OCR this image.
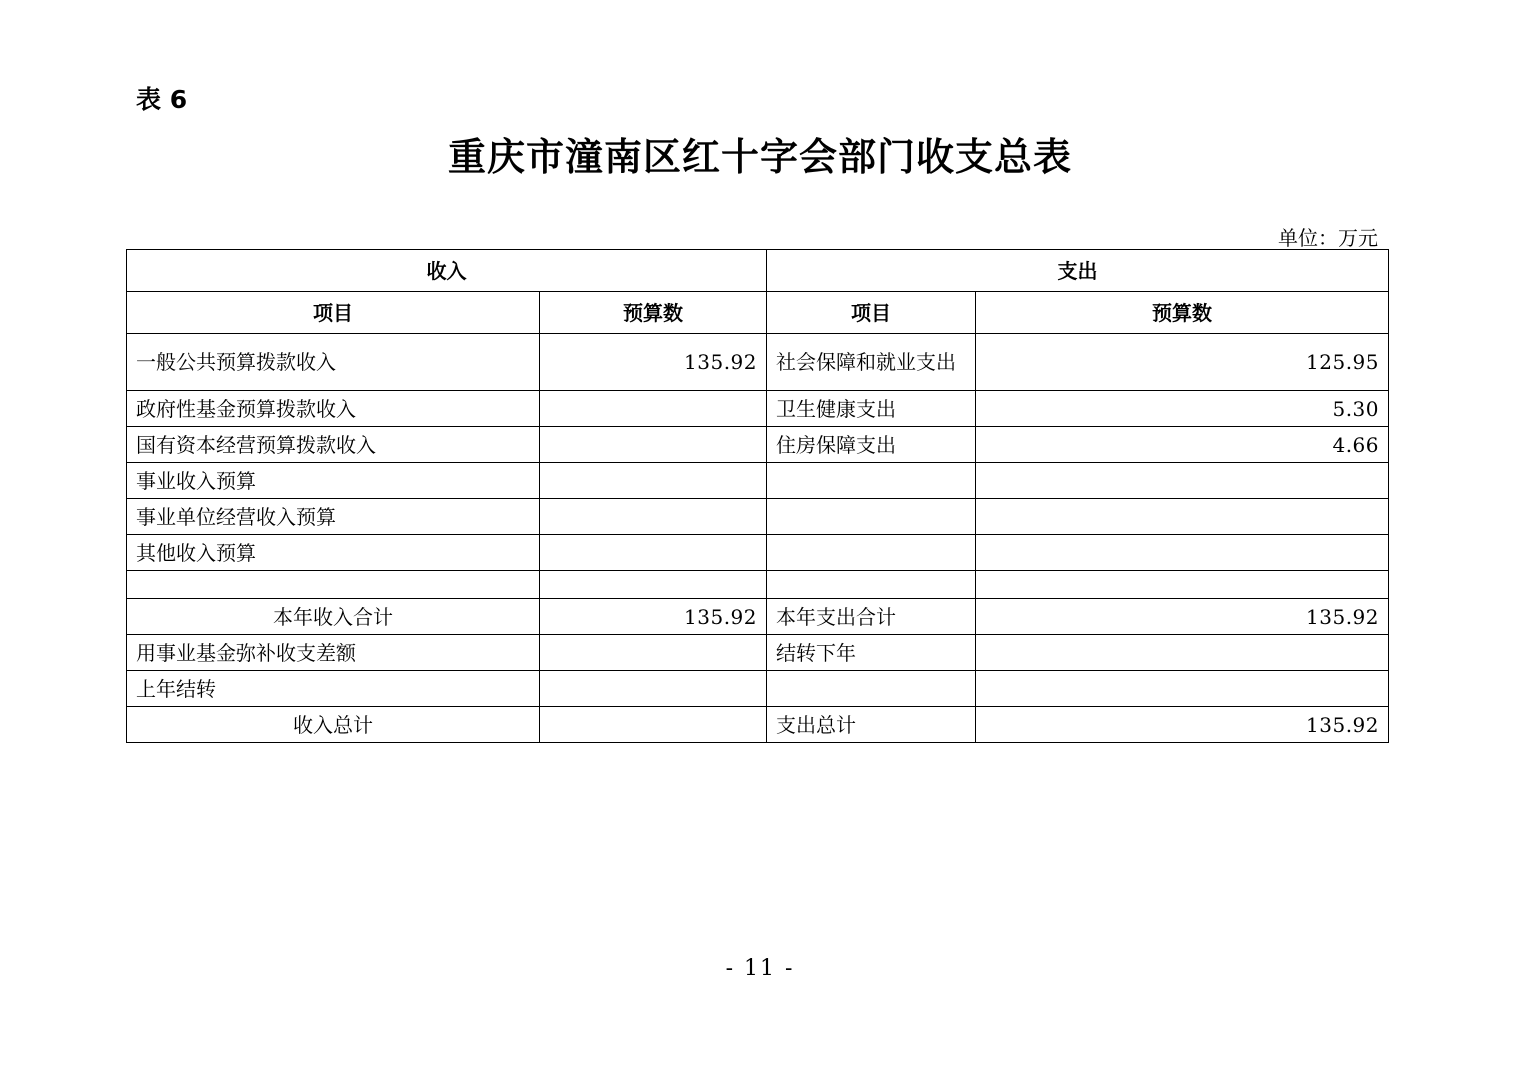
表 6
重庆市潼南区红十字会部门收支总表
单位：万元
收入		支出	
项目	预算数	项目	预算数
一般公共预算拨款收入	135.92	社会保障和就业支出	125.95
政府性基金预算拨款收入		卫生健康支出	5.30
国有资本经营预算拨款收入		住房保障支出	4.66
事业收入预算			
事业单位经营收入预算			
其他收入预算			

本年收入合计	135.92	本年支出合计	135.92
用事业基金弥补收支差额		结转下年	
上年结转			
收入总计		支出总计	135.92
- 11 -
